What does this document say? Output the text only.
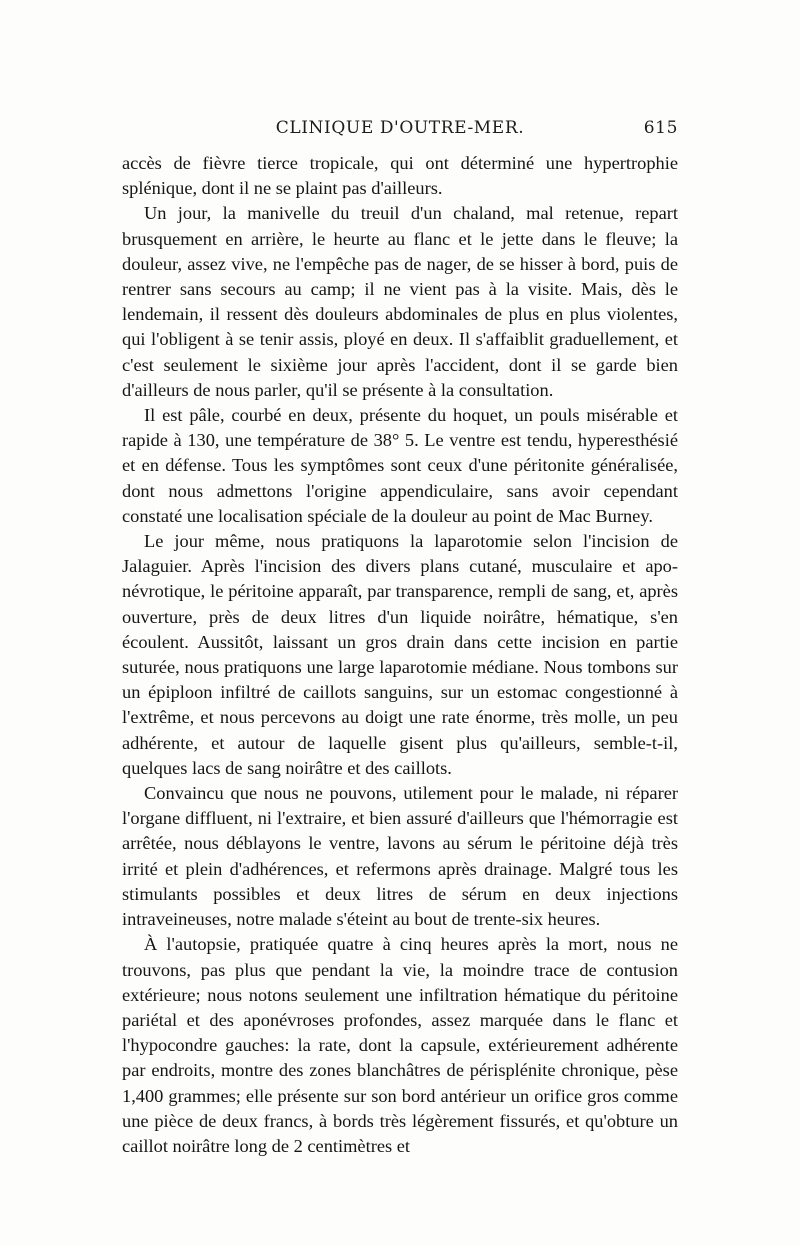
CLINIQUE D'OUTRE-MER.	615

accès de fièvre tierce tropicale, qui ont déterminé une hypertrophie splénique, dont il ne se plaint pas d'ailleurs.

Un jour, la manivelle du treuil d'un chaland, mal retenue, repart brusquement en arrière, le heurte au flanc et le jette dans le fleuve; la douleur, assez vive, ne l'empêche pas de nager, de se hisser à bord, puis de rentrer sans secours au camp; il ne vient pas à la visite. Mais, dès le lendemain, il ressent dès douleurs abdominales de plus en plus violentes, qui l'obligent à se tenir assis, ployé en deux. Il s'affaiblit graduellement, et c'est seulement le sixième jour après l'accident, dont il se garde bien d'ailleurs de nous parler, qu'il se présente à la consultation.

Il est pâle, courbé en deux, présente du hoquet, un pouls misérable et rapide à 130, une température de 38° 5. Le ventre est tendu, hyperesthésié et en défense. Tous les symptômes sont ceux d'une péritonite généralisée, dont nous admettons l'origine appendiculaire, sans avoir cependant constaté une localisation spéciale de la douleur au point de Mac Burney.

Le jour même, nous pratiquons la laparotomie selon l'incision de Jalaguier. Après l'incision des divers plans cutané, musculaire et aponévrotique, le péritoine apparaît, par transparence, rempli de sang, et, après ouverture, près de deux litres d'un liquide noirâtre, hématique, s'en écoulent. Aussitôt, laissant un gros drain dans cette incision en partie suturée, nous pratiquons une large laparotomie médiane. Nous tombons sur un épiploon infiltré de caillots sanguins, sur un estomac congestionné à l'extrême, et nous percevons au doigt une rate énorme, très molle, un peu adhérente, et autour de laquelle gisent plus qu'ailleurs, semble-t-il, quelques lacs de sang noirâtre et des caillots.

Convaincu que nous ne pouvons, utilement pour le malade, ni réparer l'organe diffluent, ni l'extraire, et bien assuré d'ailleurs que l'hémorragie est arrêtée, nous déblayons le ventre, lavons au sérum le péritoine déjà très irrité et plein d'adhérences, et refermons après drainage. Malgré tous les stimulants possibles et deux litres de sérum en deux injections intraveineuses, notre malade s'éteint au bout de trente-six heures.

À l'autopsie, pratiquée quatre à cinq heures après la mort, nous ne trouvons, pas plus que pendant la vie, la moindre trace de contusion extérieure; nous notons seulement une infiltration hématique du péritoine pariétal et des aponévroses profondes, assez marquée dans le flanc et l'hypocondre gauches: la rate, dont la capsule, extérieurement adhérente par endroits, montre des zones blanchâtres de périsplénite chronique, pèse 1,400 grammes; elle présente sur son bord antérieur un orifice gros comme une pièce de deux francs, à bords très légèrement fissurés, et qu'obture un caillot noirâtre long de 2 centimètres et
